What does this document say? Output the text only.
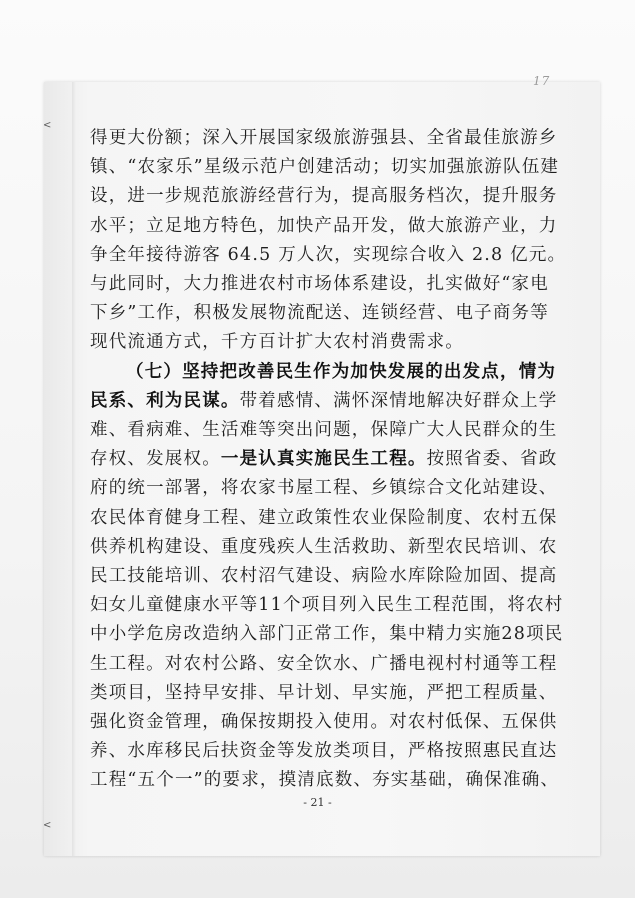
17
<
<
得更大份额；深入开展国家级旅游强县、全省最佳旅游乡
镇、“农家乐”星级示范户创建活动；切实加强旅游队伍建
设，进一步规范旅游经营行为，提高服务档次，提升服务
水平；立足地方特色，加快产品开发，做大旅游产业，力
争全年接待游客 64.5 万人次，实现综合收入 2.8 亿元。
与此同时，大力推进农村市场体系建设，扎实做好“家电
下乡”工作，积极发展物流配送、连锁经营、电子商务等
现代流通方式，千方百计扩大农村消费需求。
（七）坚持把改善民生作为加快发展的出发点，情为
民系、利为民谋。带着感情、满怀深情地解决好群众上学
难、看病难、生活难等突出问题，保障广大人民群众的生
存权、发展权。一是认真实施民生工程。按照省委、省政
府的统一部署，将农家书屋工程、乡镇综合文化站建设、
农民体育健身工程、建立政策性农业保险制度、农村五保
供养机构建设、重度残疾人生活救助、新型农民培训、农
民工技能培训、农村沼气建设、病险水库除险加固、提高
妇女儿童健康水平等11个项目列入民生工程范围，将农村
中小学危房改造纳入部门正常工作，集中精力实施28项民
生工程。对农村公路、安全饮水、广播电视村村通等工程
类项目，坚持早安排、早计划、早实施，严把工程质量、
强化资金管理，确保按期投入使用。对农村低保、五保供
养、水库移民后扶资金等发放类项目，严格按照惠民直达
工程“五个一”的要求，摸清底数、夯实基础，确保准确、
- 21 -
